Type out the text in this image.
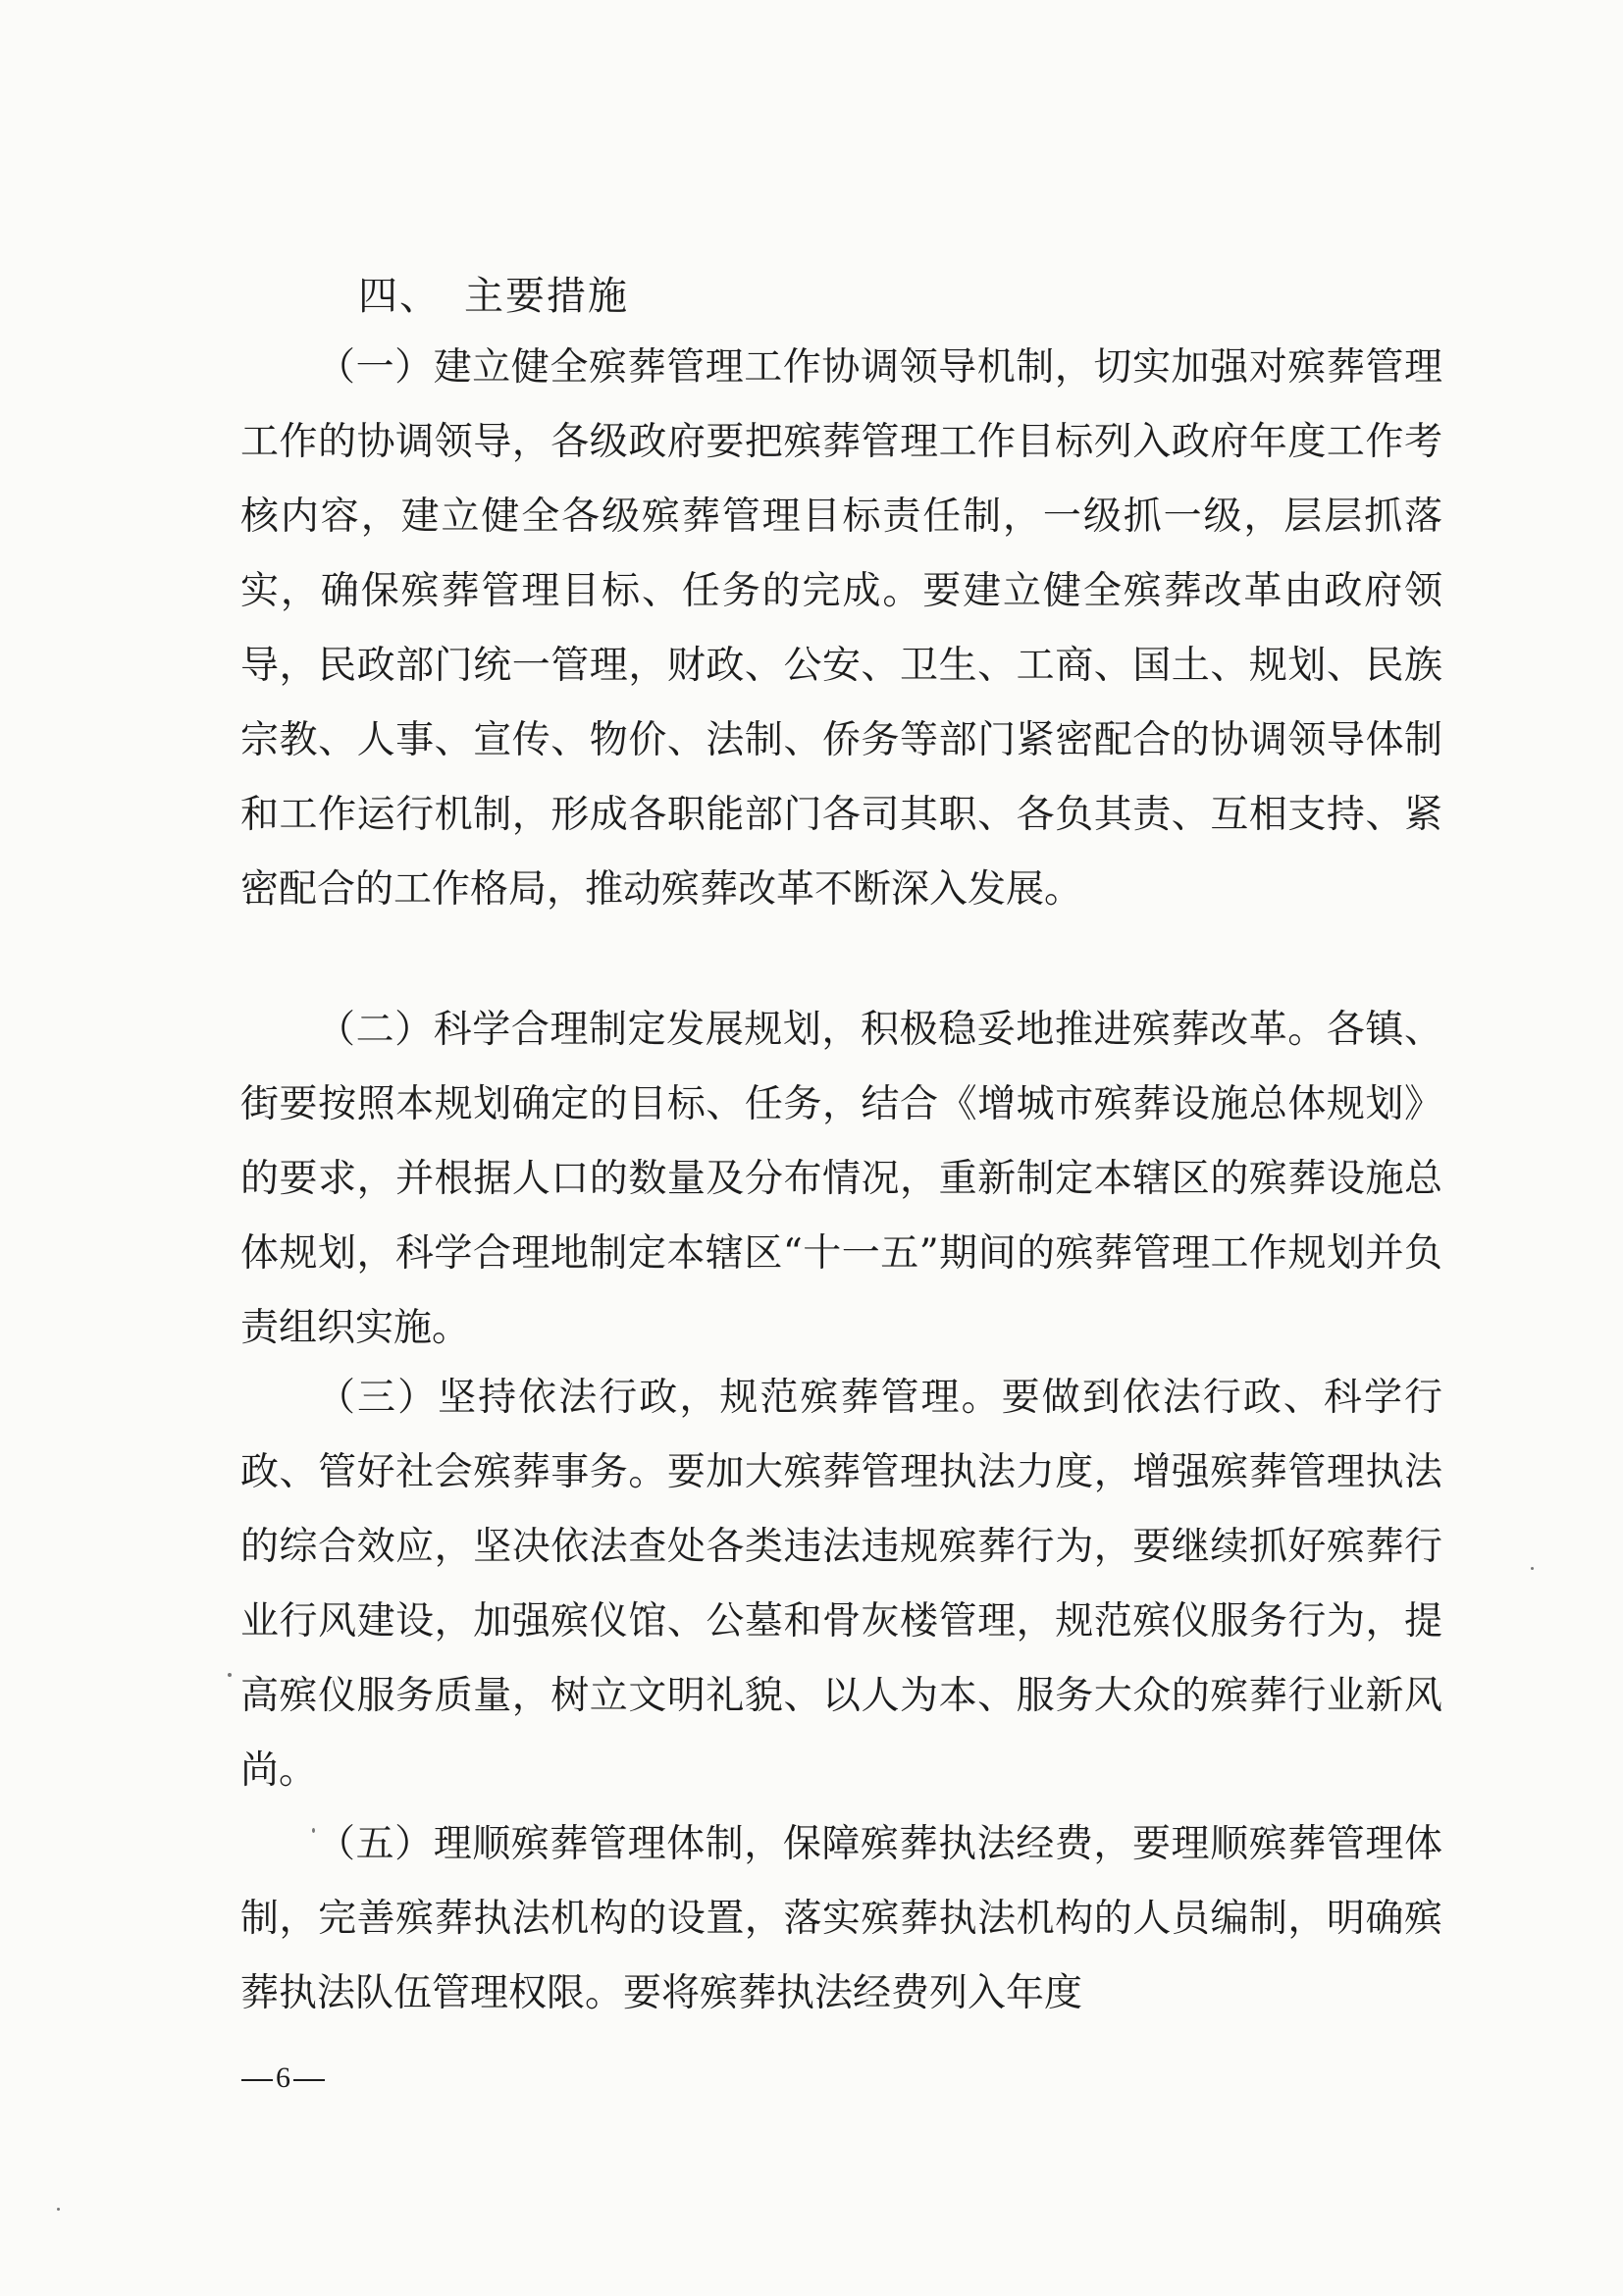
四、 主要措施

（一）建立健全殡葬管理工作协调领导机制，切实加强对殡葬管理工作的协调领导，各级政府要把殡葬管理工作目标列入政府年度工作考核内容，建立健全各级殡葬管理目标责任制，一级抓一级，层层抓落实，确保殡葬管理目标、任务的完成。要建立健全殡葬改革由政府领导，民政部门统一管理，财政、公安、卫生、工商、国土、规划、民族宗教、人事、宣传、物价、法制、侨务等部门紧密配合的协调领导体制和工作运行机制，形成各职能部门各司其职、各负其责、互相支持、紧密配合的工作格局，推动殡葬改革不断深入发展。

（二）科学合理制定发展规划，积极稳妥地推进殡葬改革。各镇、街要按照本规划确定的目标、任务，结合《增城市殡葬设施总体规划》的要求，并根据人口的数量及分布情况，重新制定本辖区的殡葬设施总体规划，科学合理地制定本辖区“十一五”期间的殡葬管理工作规划并负责组织实施。

（三）坚持依法行政，规范殡葬管理。要做到依法行政、科学行政、管好社会殡葬事务。要加大殡葬管理执法力度，增强殡葬管理执法的综合效应，坚决依法查处各类违法违规殡葬行为，要继续抓好殡葬行业行风建设，加强殡仪馆、公墓和骨灰楼管理，规范殡仪服务行为，提高殡仪服务质量，树立文明礼貌、以人为本、服务大众的殡葬行业新风尚。

（五）理顺殡葬管理体制，保障殡葬执法经费，要理顺殡葬管理体制，完善殡葬执法机构的设置，落实殡葬执法机构的人员编制，明确殡葬执法队伍管理权限。要将殡葬执法经费列入年度

6
